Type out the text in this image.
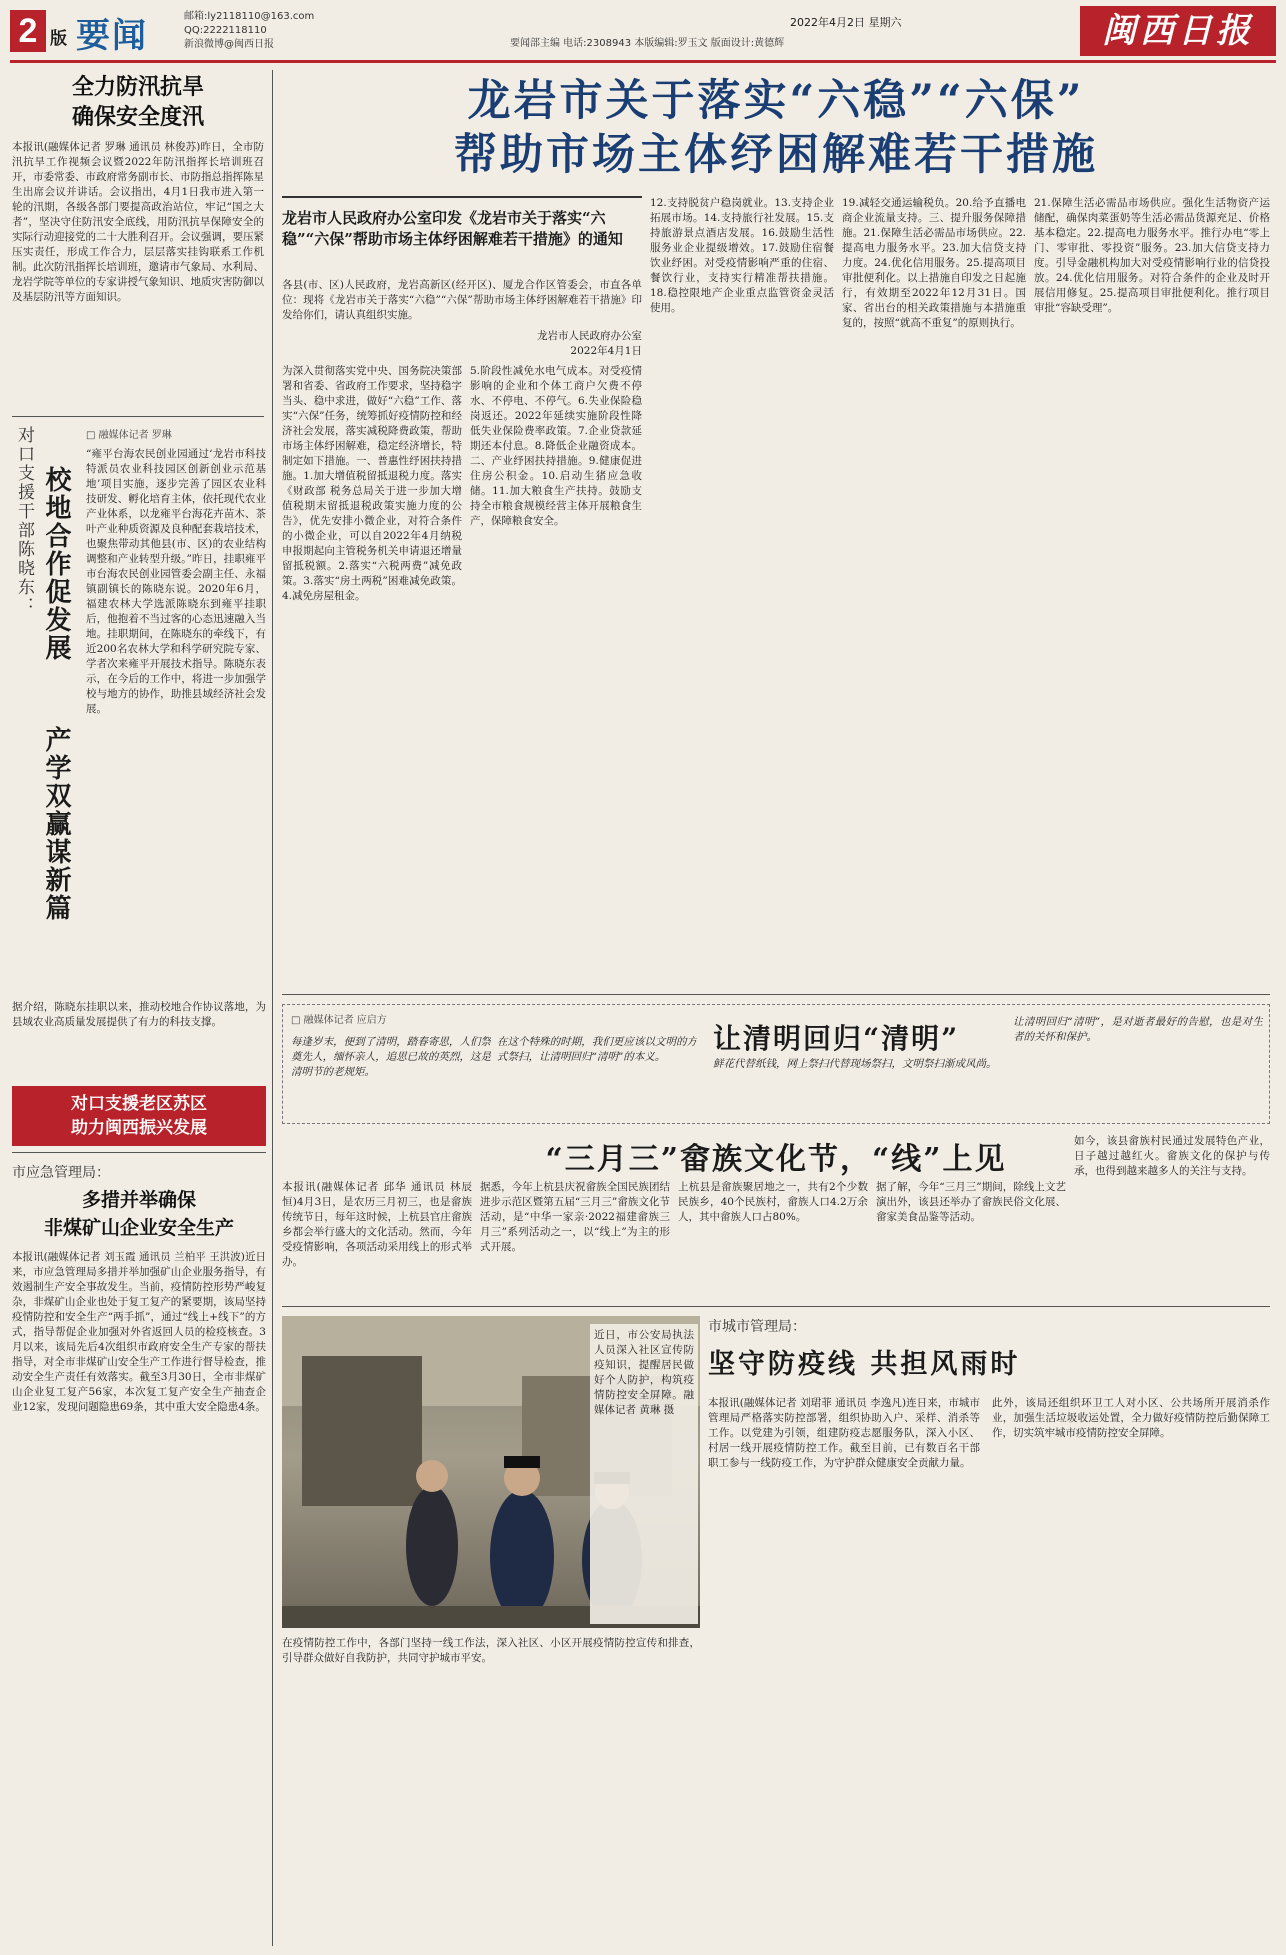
2 版 要闻	邮箱:ly2118110@163.com
QQ:2222118110
新浪微博@闽西日报
2022年4月2日 星期六
要闻部主编 电话:2308943 本版编辑:罗玉文 版面设计:黄德辉	闽西日报
全力防汛抗旱
确保安全度汛
本报讯(融媒体记者 罗琳 通讯员 林俊苏)昨日，全市防汛抗旱工作视频会议暨2022年防汛指挥长培训班召开，市委常委、市政府常务副市长、市防指总指挥陈星生出席会议并讲话。会议指出，4月1日我市进入第一轮的汛期，各级各部门要提高政治站位，牢记“国之大者”，坚决守住防汛安全底线，用防汛抗旱保障安全的实际行动迎接党的二十大胜利召开。会议强调，要压紧压实责任，形成工作合力，层层落实挂钩联系工作机制。此次防汛指挥长培训班，邀请市气象局、水利局、龙岩学院等单位的专家讲授气象知识、地质灾害防御以及基层防汛等方面知识。
对口支援干部陈晓东： 校地合作促发展
产学双赢谋新篇
□ 融媒体记者 罗琳
“雍平台海农民创业园通过‘龙岩市科技特派员农业科技园区创新创业示范基地’项目实施，逐步完善了园区农业科技研发、孵化培育主体，依托现代农业产业体系，以龙雍平台海花卉苗木、茶叶产业种质资源及良种配套栽培技术，也聚焦带动其他县(市、区)的农业结构调整和产业转型升级。”昨日，挂职雍平市台海农民创业园管委会副主任、永福镇副镇长的陈晓东说。2020年6月，福建农林大学选派陈晓东到雍平挂职后，他抱着不当过客的心态迅速融入当地。挂职期间，在陈晓东的牵线下，有近200名农林大学和科学研究院专家、学者次来雍平开展技术指导。陈晓东表示，在今后的工作中，将进一步加强学校与地方的协作，助推县域经济社会发展。
据介绍，陈晓东挂职以来，推动校地合作协议落地，为县域农业高质量发展提供了有力的科技支撑。
对口支援老区苏区
助力闽西振兴发展
市应急管理局：
多措并举确保
非煤矿山企业安全生产
本报讯(融媒体记者 刘玉霞 通讯员 兰柏平 王洪波)近日来，市应急管理局多措并举加强矿山企业服务指导，有效遏制生产安全事故发生。当前，疫情防控形势严峻复杂，非煤矿山企业也处于复工复产的紧要期，该局坚持疫情防控和安全生产“两手抓”，通过“线上+线下”的方式，指导帮促企业加强对外省返回人员的检疫核查。3月以来，该局先后4次组织市政府安全生产专家的帮扶指导，对全市非煤矿山安全生产工作进行督导检查，推动安全生产责任有效落实。截至3月30日，全市非煤矿山企业复工复产56家，本次复工复产安全生产抽查企业12家，发现问题隐患69条，其中重大安全隐患4条。
龙岩市关于落实“六稳”“六保”
帮助市场主体纾困解难若干措施
龙岩市人民政府办公室印发《龙岩市关于落实“六稳”“六保”帮助市场主体纾困解难若干措施》的通知
各县(市、区)人民政府，龙岩高新区(经开区)、厦龙合作区管委会，市直各单位：现将《龙岩市关于落实“六稳”“六保”帮助市场主体纾困解难若干措施》印发给你们，请认真组织实施。
龙岩市人民政府办公室
2022年4月1日
为深入贯彻落实党中央、国务院决策部署和省委、省政府工作要求，坚持稳字当头、稳中求进，做好“六稳”工作、落实“六保”任务，统筹抓好疫情防控和经济社会发展，落实减税降费政策，帮助市场主体纾困解难，稳定经济增长，特制定如下措施。一、普惠性纾困扶持措施。1.加大增值税留抵退税力度。落实《财政部 税务总局关于进一步加大增值税期末留抵退税政策实施力度的公告》，优先安排小微企业，对符合条件的小微企业，可以自2022年4月纳税申报期起向主管税务机关申请退还增量留抵税额。2.落实“六税两费”减免政策。3.落实“房土两税”困难减免政策。4.减免房屋租金。
5.阶段性减免水电气成本。对受疫情影响的企业和个体工商户欠费不停水、不停电、不停气。6.失业保险稳岗返还。2022年延续实施阶段性降低失业保险费率政策。7.企业贷款延期还本付息。8.降低企业融资成本。二、产业纾困扶持措施。9.健康促进住房公积金。10.启动生猪应急收储。11.加大粮食生产扶持。鼓励支持全市粮食规模经营主体开展粮食生产，保障粮食安全。
12.支持脱贫户稳岗就业。13.支持企业拓展市场。14.支持旅行社发展。15.支持旅游景点酒店发展。16.鼓励生活性服务业企业提级增效。17.鼓励住宿餐饮业纾困。对受疫情影响严重的住宿、餐饮行业，支持实行精准帮扶措施。18.稳控限地产企业重点监管资金灵活使用。
19.减轻交通运输税负。20.给予直播电商企业流量支持。三、提升服务保障措施。21.保障生活必需品市场供应。22.提高电力服务水平。23.加大信贷支持力度。24.优化信用服务。25.提高项目审批便利化。以上措施自印发之日起施行，有效期至2022年12月31日。国家、省出台的相关政策措施与本措施重复的，按照“就高不重复”的原则执行。
21.保障生活必需品市场供应。强化生活物资产运储配，确保肉菜蛋奶等生活必需品货源充足、价格基本稳定。22.提高电力服务水平。推行办电“零上门、零审批、零投资”服务。23.加大信贷支持力度。引导金融机构加大对受疫情影响行业的信贷投放。24.优化信用服务。对符合条件的企业及时开展信用修复。25.提高项目审批便利化。推行项目审批“容缺受理”。
□ 融媒体记者 应启方
让清明回归“清明”
每逢岁末，便到了清明，踏春寄思，人们祭奠先人，缅怀亲人，追思已故的英烈，这是清明节的老规矩。
在这个特殊的时期，我们更应该以文明的方式祭扫，让清明回归“清明”的本义。
鲜花代替纸钱，网上祭扫代替现场祭扫，文明祭扫渐成风尚。
让清明回归“清明”，是对逝者最好的告慰，也是对生者的关怀和保护。
“三月三”畲族文化节，“线”上见
本报讯(融媒体记者 邱华 通讯员 林辰恒)4月3日，是农历三月初三，也是畲族传统节日，每年这时候，上杭县官庄畲族乡都会举行盛大的文化活动。然而，今年受疫情影响，各项活动采用线上的形式举办。
据悉，今年上杭县庆祝畲族全国民族团结进步示范区暨第五届“三月三”畲族文化节活动，是“中华一家亲·2022福建畲族三月三”系列活动之一，以“线上”为主的形式开展。
上杭县是畲族聚居地之一，共有2个少数民族乡，40个民族村，畲族人口4.2万余人，其中畲族人口占80%。
据了解，今年“三月三”期间，除线上文艺演出外，该县还举办了畲族民俗文化展、畲家美食品鉴等活动。
如今，该县畲族村民通过发展特色产业，日子越过越红火。畲族文化的保护与传承，也得到越来越多人的关注与支持。
近日，市公安局执法人员深入社区宣传防疫知识，提醒居民做好个人防护，构筑疫情防控安全屏障。融媒体记者 黄琳 摄
市城市管理局：
坚守防疫线 共担风雨时
本报讯(融媒体记者 刘珺菲 通讯员 李逸凡)连日来，市城市管理局严格落实防控部署，组织协助入户、采样、消杀等工作。以党建为引领，组建防疫志愿服务队，深入小区、村居一线开展疫情防控工作。截至目前，已有数百名干部职工参与一线防疫工作，为守护群众健康安全贡献力量。
此外，该局还组织环卫工人对小区、公共场所开展消杀作业，加强生活垃圾收运处置，全力做好疫情防控后勤保障工作，切实筑牢城市疫情防控安全屏障。
在疫情防控工作中，各部门坚持一线工作法，深入社区、小区开展疫情防控宣传和排查，引导群众做好自我防护，共同守护城市平安。
